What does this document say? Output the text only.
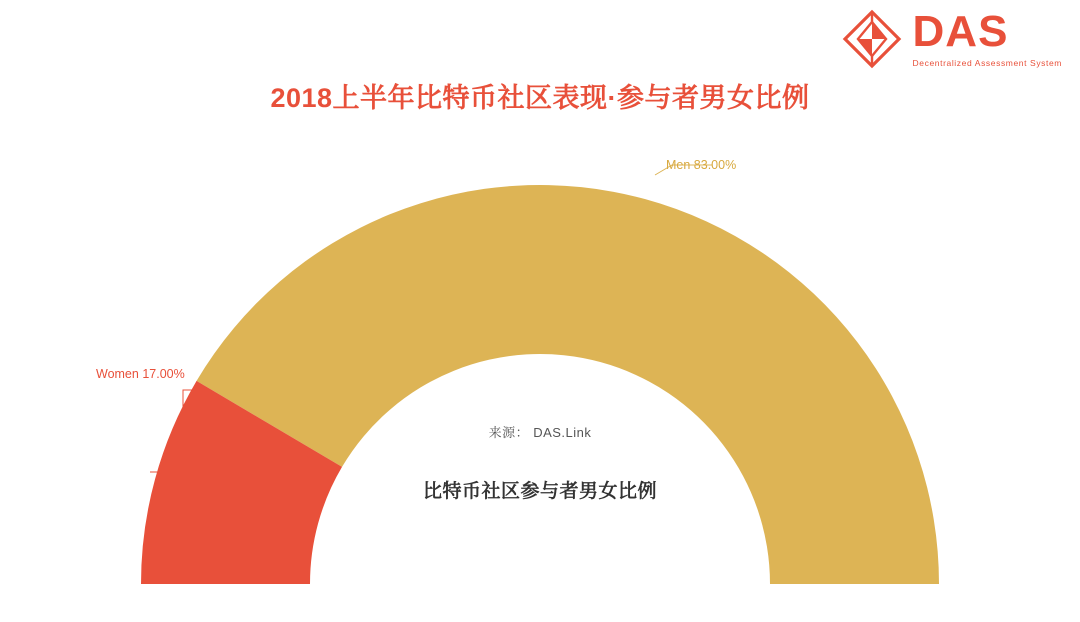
DAS
Decentralized Assessment System
2018上半年比特币社区表现·参与者男女比例
Men 83.00%
Women 17.00%
来源： DAS.Link
比特币社区参与者男女比例
